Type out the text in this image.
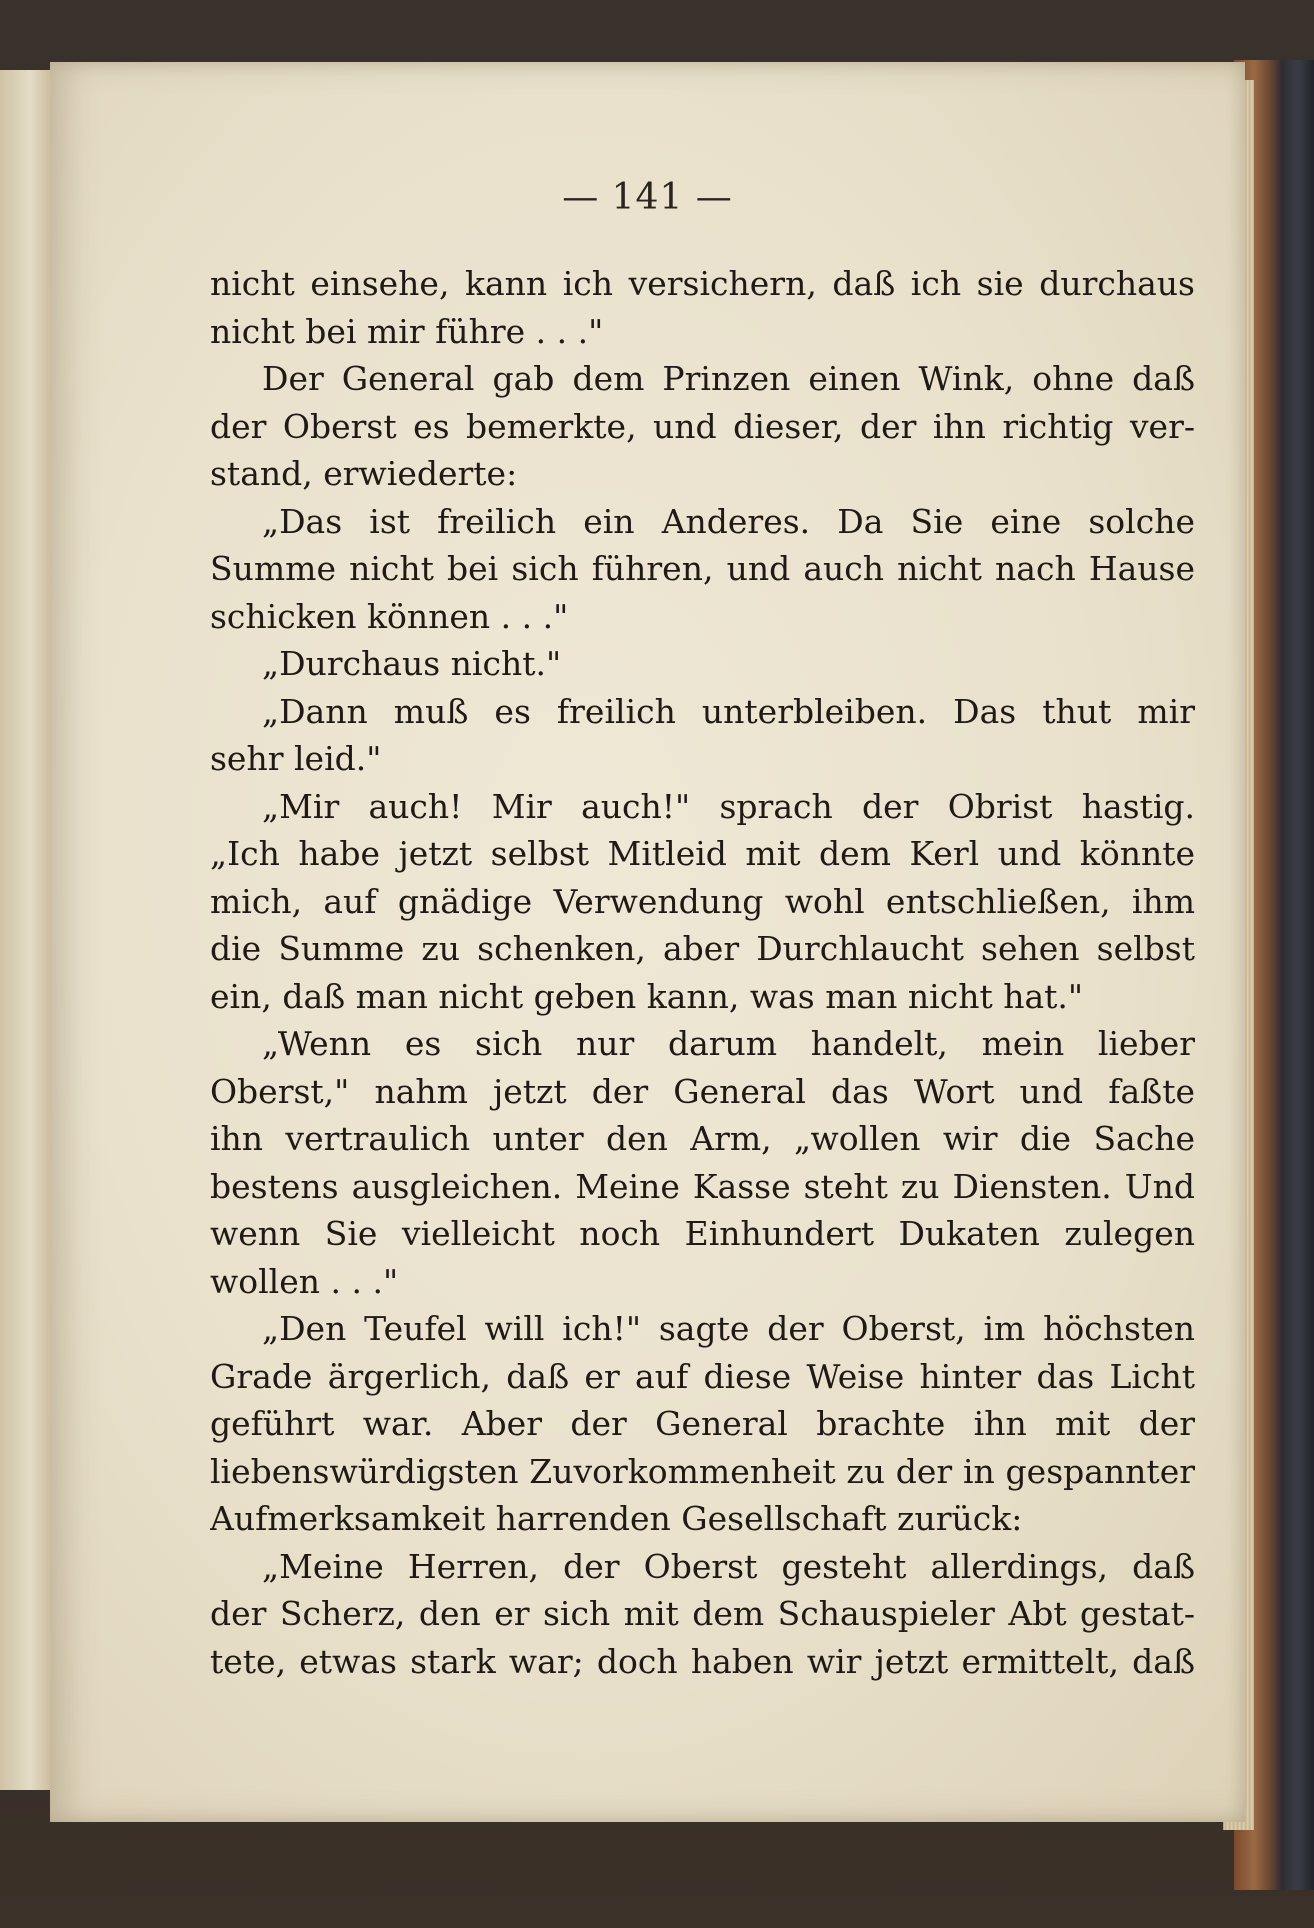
— 141 —
nicht einsehe, kann ich versichern, daß ich sie durchaus
nicht bei mir führe . . ."
Der General gab dem Prinzen einen Wink, ohne daß
der Oberst es bemerkte, und dieser, der ihn richtig ver-
stand, erwiederte:
„Das ist freilich ein Anderes. Da Sie eine solche
Summe nicht bei sich führen, und auch nicht nach Hause
schicken können . . ."
„Durchaus nicht."
„Dann muß es freilich unterbleiben. Das thut mir
sehr leid."
„Mir auch! Mir auch!" sprach der Obrist hastig.
„Ich habe jetzt selbst Mitleid mit dem Kerl und könnte
mich, auf gnädige Verwendung wohl entschließen, ihm
die Summe zu schenken, aber Durchlaucht sehen selbst
ein, daß man nicht geben kann, was man nicht hat."
„Wenn es sich nur darum handelt, mein lieber
Oberst," nahm jetzt der General das Wort und faßte
ihn vertraulich unter den Arm, „wollen wir die Sache
bestens ausgleichen. Meine Kasse steht zu Diensten. Und
wenn Sie vielleicht noch Einhundert Dukaten zulegen
wollen . . ."
„Den Teufel will ich!" sagte der Oberst, im höchsten
Grade ärgerlich, daß er auf diese Weise hinter das Licht
geführt war. Aber der General brachte ihn mit der
liebenswürdigsten Zuvorkommenheit zu der in gespannter
Aufmerksamkeit harrenden Gesellschaft zurück:
„Meine Herren, der Oberst gesteht allerdings, daß
der Scherz, den er sich mit dem Schauspieler Abt gestat-
tete, etwas stark war; doch haben wir jetzt ermittelt, daß
